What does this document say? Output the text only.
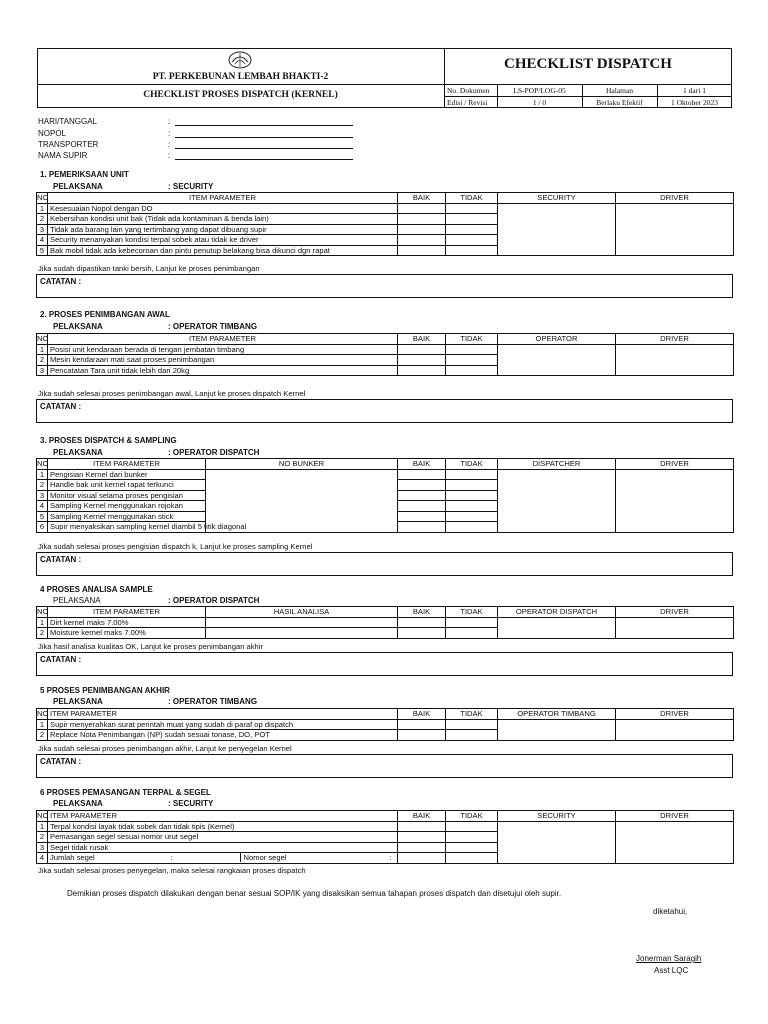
PT. PERKEBUNAN LEMBAH BHAKTI-2
CHECKLIST PROSES DISPATCH (KERNEL)
CHECKLIST DISPATCH
No. Dokumen	LS-POP/LOG-05	Halaman	1 dari 1
Edisi / Revisi	1 / 0	Berlaku Efektif	1 Oktober 2023
HARI/TANGGAL	:
NOPOL	:
TRANSPORTER	:
NAMA SUPIR	:
1. PEMERIKSAAN UNIT
PELAKSANA	: SECURITY
NO	ITEM PARAMETER	BAIK	TIDAK	SECURITY	DRIVER
1	Kesesuaian Nopol dengan DO				
2	Kebersihan kondisi unit bak (Tidak ada kontaminan & benda lain)				
3	Tidak ada barang lain yang tertimbang yang dapat dibuang supir				
4	Security menanyakan kondisi terpal sobek atau tidak ke driver				
5	Bak mobil tidak ada kebecoroan dan pintu penutup belakang bisa dikunci dgn rapat				
Jika sudah dipastikan tanki bersih, Lanjut ke proses penimbangan
CATATAN :
2. PROSES PENIMBANGAN AWAL
PELAKSANA	: OPERATOR TIMBANG
NO	ITEM PARAMETER	BAIK	TIDAK	OPERATOR	DRIVER
1	Posisi unit kendaraan berada di tengan jembatan timbang				
2	Mesin kendaraan mati saat proses penimbangan				
3	Pencatatan Tara unit tidak lebih dari 20kg				
Jika sudah selesai proses penimbangan awal, Lanjut ke proses dispatch Kernel
CATATAN :
3. PROSES DISPATCH & SAMPLING
PELAKSANA	: OPERATOR DISPATCH
NO	ITEM PARAMETER	NO BUNKER	BAIK	TIDAK	DISPATCHER	DRIVER
1	Pengisian Kernel dari bunker					
2	Handle bak unit kernel rapat terkunci					
3	Monitor visual selama proses pengisian					
4	Sampling Kernel menggunakan rojokan					
5	Sampling Kernel menggunakan stick					
6	Supir menyaksikan sampling kernel diambil 5 titik diagonal					
Jika sudah selesai proses pengisian dispatch k, Lanjut ke proses sampling Kernel
CATATAN :
4 PROSES ANALISA SAMPLE
PELAKSANA	: OPERATOR DISPATCH
NO	ITEM PARAMETER	HASIL ANALISA	BAIK	TIDAK	OPERATOR DISPATCH	DRIVER
1	Dirt kernel maks 7.00%					
2	Moisture kernel maks 7.00%					
Jika hasil analisa kualitas OK, Lanjut ke proses penimbangan akhir
CATATAN :
5 PROSES PENIMBANGAN AKHIR
PELAKSANA	: OPERATOR TIMBANG
NO	ITEM PARAMETER	BAIK	TIDAK	OPERATOR TIMBANG	DRIVER
1	Supir menyerahkan surat perintah muat yang sudah di paraf op dispatch				
2	Replace Nota Penimbangan (NP) sudah sesuai tonase, DO, POT				
Jika sudah selesai proses penimbangan akhir, Lanjut ke penyegelan Kernel
CATATAN :
6 PROSES PEMASANGAN TERPAL & SEGEL
PELAKSANA	: SECURITY
NO	ITEM PARAMETER	BAIK	TIDAK	SECURITY	DRIVER
1	Terpal kondisi layak tidak sobek dan tidak tipis (Kernel)				
2	Pemasangan segel sesuai nomor urut segel				
3	Segel tidak rusak				
4	Jumlah segel : Nomor segel :				

Jika sudah selesai proses penyegelan, maka selesai rangkaian proses dispatch
Demikian proses dispatch dilakukan dengan benar sesuai SOP/IK yang disaksikan semua tahapan proses dispatch dan disetujui oleh supir.
diketahui,
Jonerman Saragih
Asst LQC
